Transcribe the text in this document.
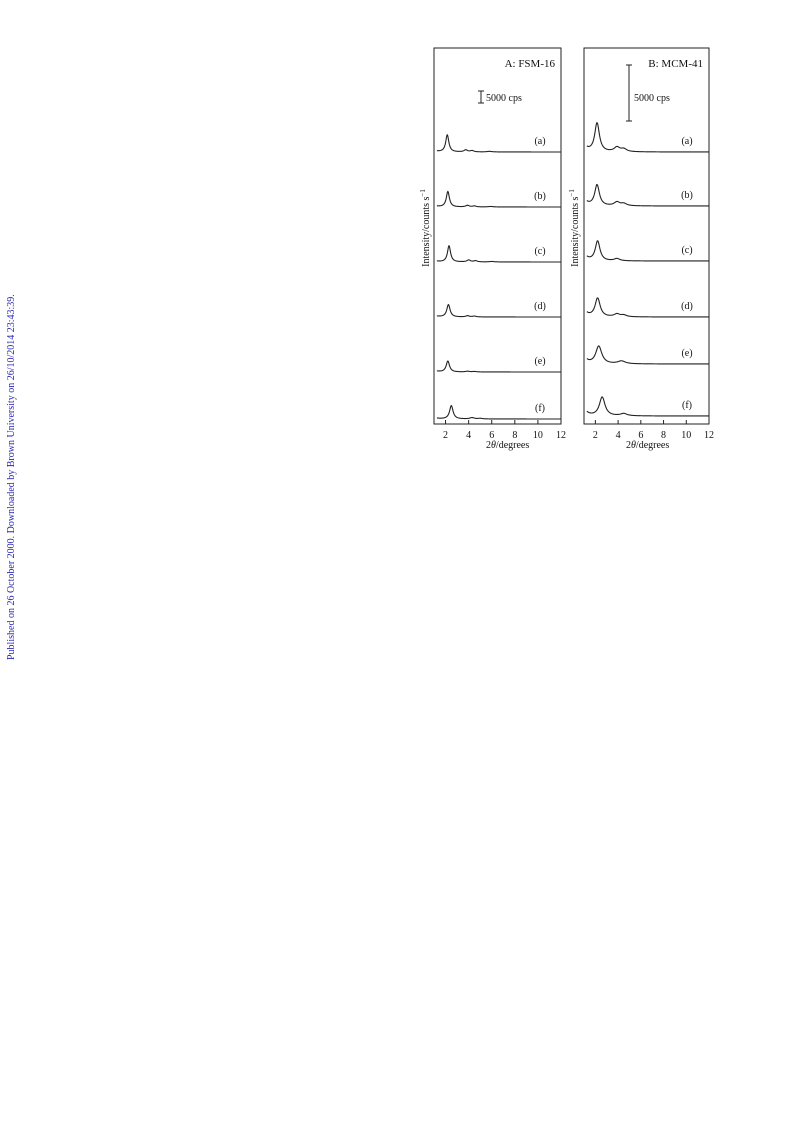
Published on 26 October 2000. Downloaded by Brown University on 26/10/2014 23:43:39.
A: FSM-16
2θ/degrees
Intensity/counts $s^{-1}$
5000 cps
2 4 6 8 10 12
(a)
(b)
(c)
(d)
(e)
(f)
B: MCM-41
2θ/degrees
Intensity/counts $s^{-1}$
5000 cps
2 4 6 8 10 12
(a)
(b)
(c)
(d)
(e)
(f)
